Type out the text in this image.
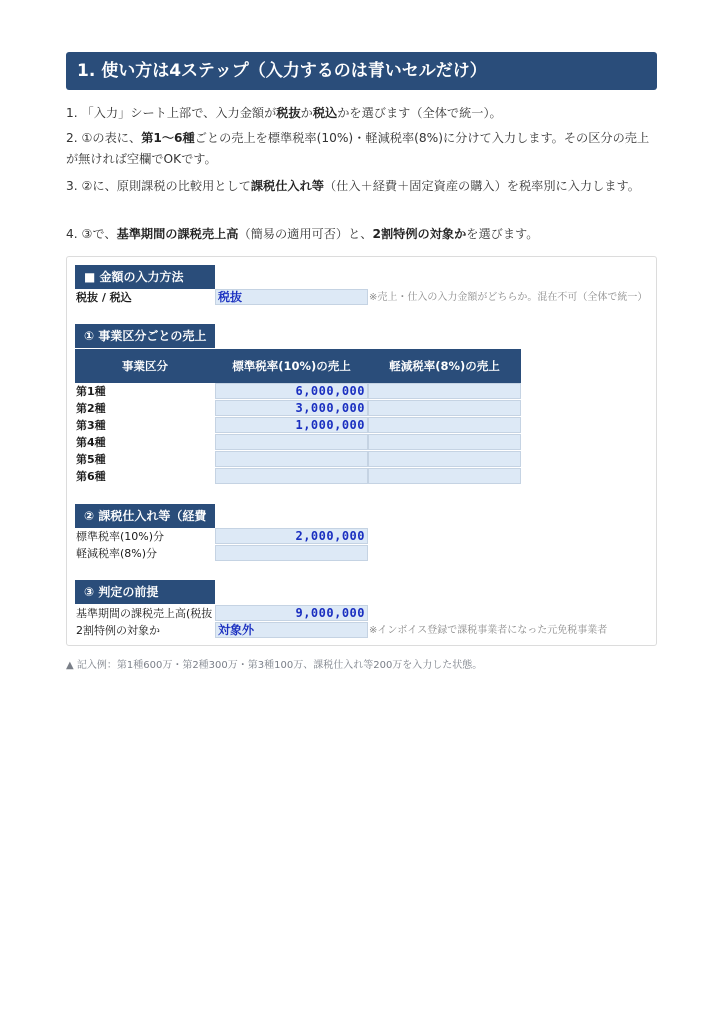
1. 使い方は4ステップ（入力するのは青いセルだけ）
1. 「入力」シート上部で、入力金額が税抜か税込かを選びます（全体で統一）。
2. ①の表に、第1〜6種ごとの売上を標準税率(10%)・軽減税率(8%)に分けて入力します。その区分の売上が無ければ空欄でOKです。
3. ②に、原則課税の比較用として課税仕入れ等（仕入＋経費＋固定資産の購入）を税率別に入力します。
4. ③で、基準期間の課税売上高（簡易の適用可否）と、2割特例の対象かを選びます。
■ 金額の入力方法
税抜 / 税込	税抜	※売上・仕入の入力金額がどちらか。混在不可（全体で統一）
① 事業区分ごとの売上
事業区分	標準税率(10%)の売上	軽減税率(8%)の売上
第1種	6,000,000
第2種	3,000,000
第3種	1,000,000
第4種
第5種
第6種
② 課税仕入れ等（経費
標準税率(10%)分	2,000,000
軽減税率(8%)分
③ 判定の前提
基準期間の課税売上高(税抜	9,000,000
2割特例の対象か	対象外	※インボイス登録で課税事業者になった元免税事業者
▲ 記入例：第1種600万・第2種300万・第3種100万、課税仕入れ等200万を入力した状態。
